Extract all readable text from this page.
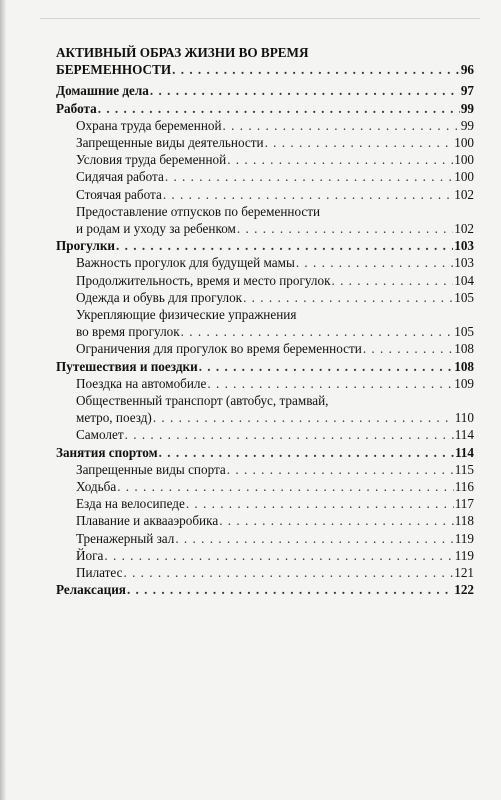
АКТИВНЫЙ ОБРАЗ ЖИЗНИ ВО ВРЕМЯ
БЕРЕМЕННОСТИ . . .	96
Домашние дела . . .	97
Работа . . .	99
Охрана труда беременной . . .	99
Запрещенные виды деятельности . . .	100
Условия труда беременной . . .	100
Сидячая работа . . .	100
Стоячая работа . . .	102
Предоставление отпусков по беременности
и родам и уходу за ребенком . . .	102
Прогулки . . .	103
Важность прогулок для будущей мамы . . .	103
Продолжительность, время и место прогулок . . .	104
Одежда и обувь для прогулок . . .	105
Укрепляющие физические упражнения
во время прогулок . . .	105
Ограничения для прогулок во время беременности . . .	108
Путешествия и поездки . . .	108
Поездка на автомобиле . . .	109
Общественный транспорт (автобус, трамвай,
метро, поезд) . . .	110
Самолет . . .	114
Занятия спортом . . .	114
Запрещенные виды спорта . . .	115
Ходьба . . .	116
Езда на велосипеде . . .	117
Плавание и аквааэробика . . .	118
Тренажерный зал . . .	119
Йога . . .	119
Пилатес . . .	121
Релаксация . . .	122
